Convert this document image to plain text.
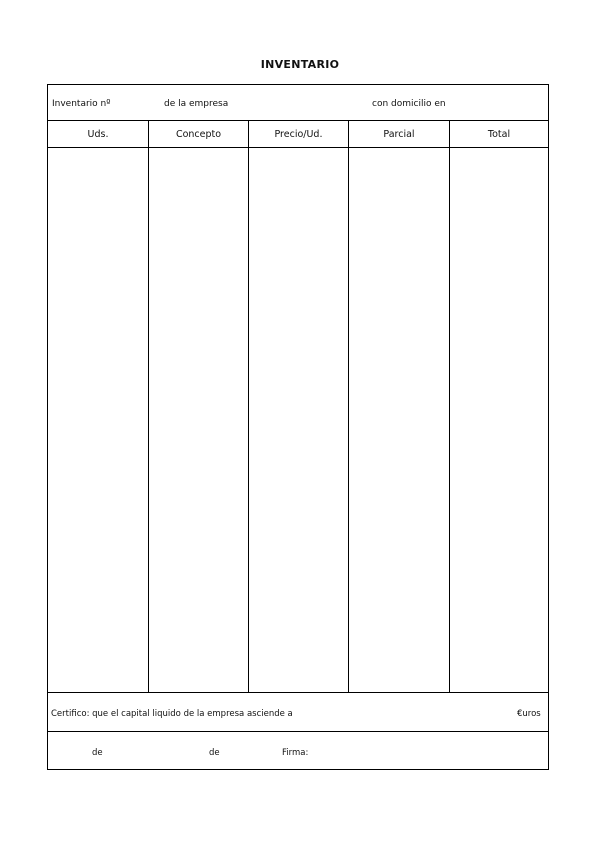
INVENTARIO
Inventario nº	de la empresa	con domicilio en
Uds.	Concepto	Precio/Ud.	Parcial	Total
Certifico: que el capital liquido de la empresa asciende a	€uros
de	de	Firma:
